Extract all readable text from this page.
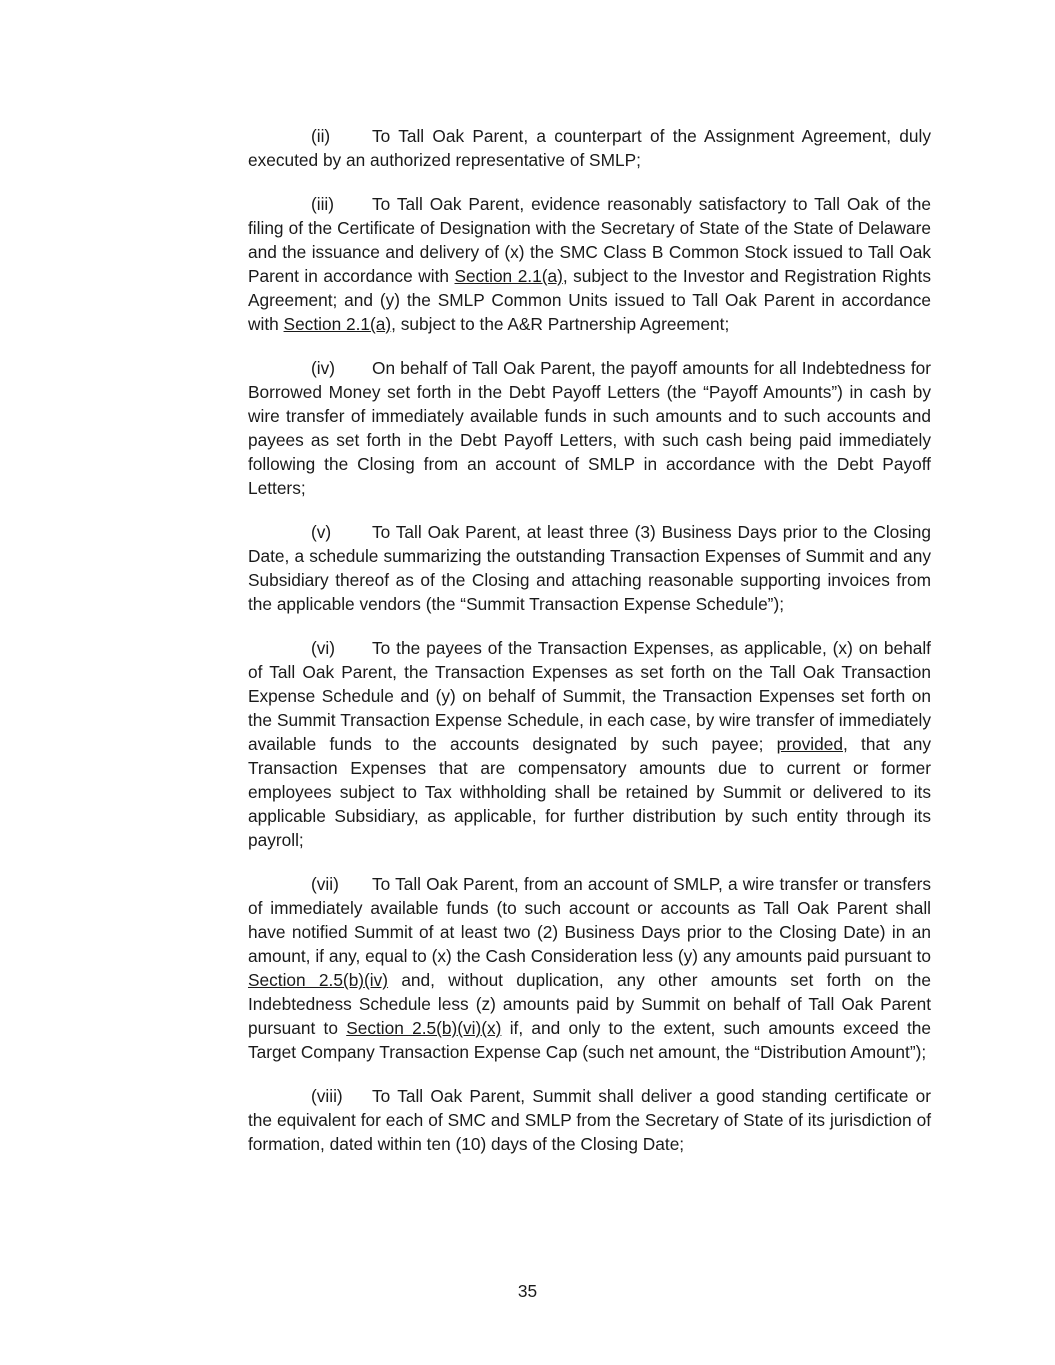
(ii) To Tall Oak Parent, a counterpart of the Assignment Agreement, duly executed by an authorized representative of SMLP;

(iii) To Tall Oak Parent, evidence reasonably satisfactory to Tall Oak of the filing of the Certificate of Designation with the Secretary of State of the State of Delaware and the issuance and delivery of (x) the SMC Class B Common Stock issued to Tall Oak Parent in accordance with Section 2.1(a), subject to the Investor and Registration Rights Agreement; and (y) the SMLP Common Units issued to Tall Oak Parent in accordance with Section 2.1(a), subject to the A&R Partnership Agreement;

(iv) On behalf of Tall Oak Parent, the payoff amounts for all Indebtedness for Borrowed Money set forth in the Debt Payoff Letters (the “Payoff Amounts”) in cash by wire transfer of immediately available funds in such amounts and to such accounts and payees as set forth in the Debt Payoff Letters, with such cash being paid immediately following the Closing from an account of SMLP in accordance with the Debt Payoff Letters;

(v) To Tall Oak Parent, at least three (3) Business Days prior to the Closing Date, a schedule summarizing the outstanding Transaction Expenses of Summit and any Subsidiary thereof as of the Closing and attaching reasonable supporting invoices from the applicable vendors (the “Summit Transaction Expense Schedule”);

(vi) To the payees of the Transaction Expenses, as applicable, (x) on behalf of Tall Oak Parent, the Transaction Expenses as set forth on the Tall Oak Transaction Expense Schedule and (y) on behalf of Summit, the Transaction Expenses set forth on the Summit Transaction Expense Schedule, in each case, by wire transfer of immediately available funds to the accounts designated by such payee; provided, that any Transaction Expenses that are compensatory amounts due to current or former employees subject to Tax withholding shall be retained by Summit or delivered to its applicable Subsidiary, as applicable, for further distribution by such entity through its payroll;

(vii) To Tall Oak Parent, from an account of SMLP, a wire transfer or transfers of immediately available funds (to such account or accounts as Tall Oak Parent shall have notified Summit of at least two (2) Business Days prior to the Closing Date) in an amount, if any, equal to (x) the Cash Consideration less (y) any amounts paid pursuant to Section 2.5(b)(iv) and, without duplication, any other amounts set forth on the Indebtedness Schedule less (z) amounts paid by Summit on behalf of Tall Oak Parent pursuant to Section 2.5(b)(vi)(x) if, and only to the extent, such amounts exceed the Target Company Transaction Expense Cap (such net amount, the “Distribution Amount”);

(viii) To Tall Oak Parent, Summit shall deliver a good standing certificate or the equivalent for each of SMC and SMLP from the Secretary of State of its jurisdiction of formation, dated within ten (10) days of the Closing Date;

35
